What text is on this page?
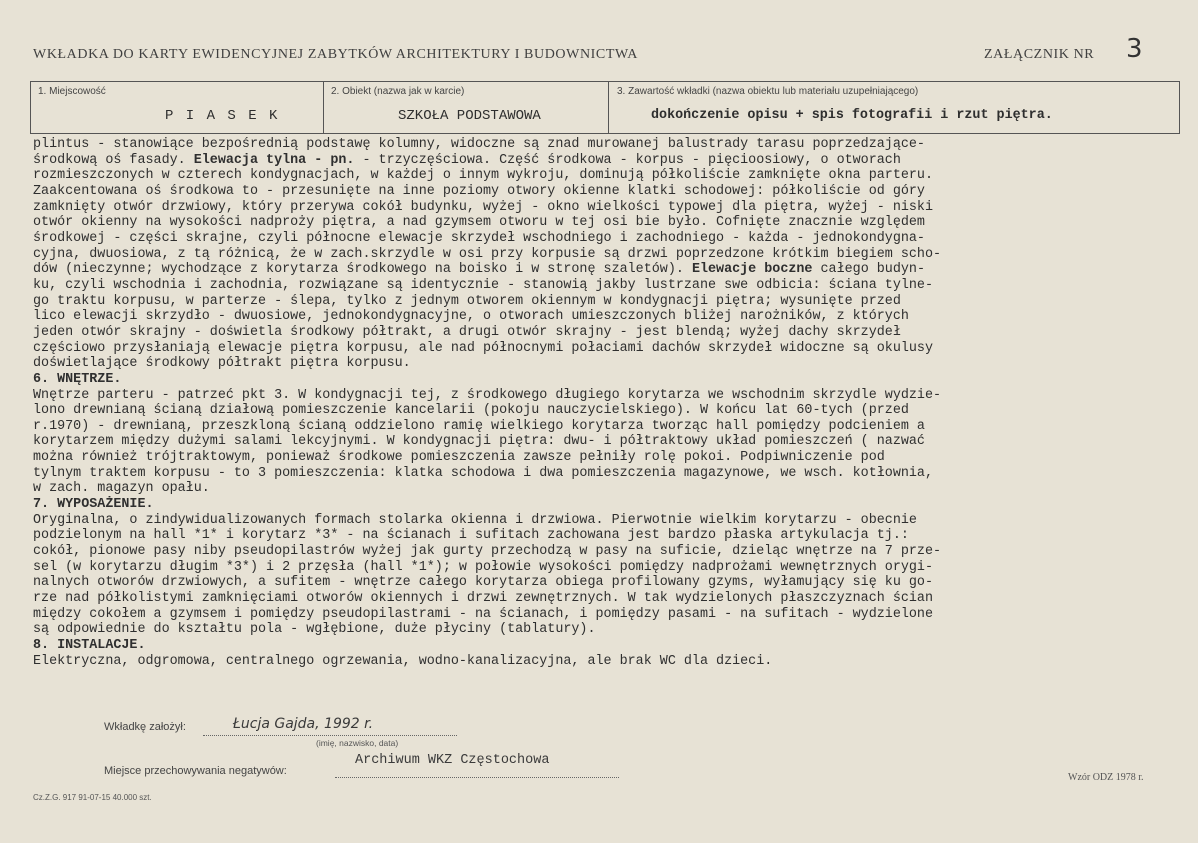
WKŁADKA DO KARTY EWIDENCYJNEJ ZABYTKÓW ARCHITEKTURY I BUDOWNICTWA	ZAŁĄCZNIK NR 3
1. Miejscowość
P I A S E K
2. Obiekt (nazwa jak w karcie)
SZKOŁA PODSTAWOWA
3. Zawartość wkładki (nazwa obiektu lub materiału uzupełniającego)
dokończenie opisu + spis fotografii i rzut piętra.
plintus - stanowiące bezpośrednią podstawę kolumny, widoczne są znad murowanej balustrady tarasu poprzedzające-
środkową oś fasady. Elewacja tylna - pn. - trzyczęściowa. Część środkowa - korpus - pięcioosiowy, o otworach
rozmieszczonych w czterech kondygnacjach, w każdej o innym wykroju, dominują półkoliście zamknięte okna parteru.
Zaakcentowana oś środkowa to - przesunięte na inne poziomy otwory okienne klatki schodowej: półkoliście od góry
zamknięty otwór drzwiowy, który przerywa cokół budynku, wyżej - okno wielkości typowej dla piętra, wyżej - niski
otwór okienny na wysokości nadproży piętra, a nad gzymsem otworu w tej osi bie było. Cofnięte znacznie względem
środkowej - części skrajne, czyli północne elewacje skrzydeł wschodniego i zachodniego - każda - jednokondygna-
cyjna, dwuosiowa, z tą różnicą, że w zach.skrzydle w osi przy korpusie są drzwi poprzedzone krótkim biegiem scho-
dów (nieczynne; wychodzące z korytarza środkowego na boisko i w stronę szaletów). Elewacje boczne całego budyn-
ku, czyli wschodnia i zachodnia, rozwiązane są identycznie - stanowią jakby lustrzane swe odbicia: ściana tylne-
go traktu korpusu, w parterze - ślepa, tylko z jednym otworem okiennym w kondygnacji piętra; wysunięte przed
lico elewacji skrzydło - dwuosiowe, jednokondygnacyjne, o otworach umieszczonych bliżej narożników, z których
jeden otwór skrajny - doświetla środkowy półtrakt, a drugi otwór skrajny - jest blendą; wyżej dachy skrzydeł
częściowo przysłaniają elewacje piętra korpusu, ale nad północnymi połaciami dachów skrzydeł widoczne są okulusy
doświetlające środkowy półtrakt piętra korpusu.
6. WNĘTRZE.
Wnętrze parteru - patrzeć pkt 3. W kondygnacji tej, z środkowego długiego korytarza we wschodnim skrzydle wydzie-
lono drewnianą ścianą działową pomieszczenie kancelarii (pokoju nauczycielskiego). W końcu lat 60-tych (przed
r.1970) - drewnianą, przeszkloną ścianą oddzielono ramię wielkiego korytarza tworząc hall pomiędzy podcieniem a
korytarzem między dużymi salami lekcyjnymi. W kondygnacji piętra: dwu- i półtraktowy układ pomieszczeń ( nazwać
można również trójtraktowym, ponieważ środkowe pomieszczenia zawsze pełniły rolę pokoi. Podpiwniczenie pod
tylnym traktem korpusu - to 3 pomieszczenia: klatka schodowa i dwa pomieszczenia magazynowe, we wsch. kotłownia,
w zach. magazyn opału.
7. WYPOSAŻENIE.
Oryginalna, o zindywidualizowanych formach stolarka okienna i drzwiowa. Pierwotnie wielkim korytarzu - obecnie
podzielonym na hall *1* i korytarz *3* - na ścianach i sufitach zachowana jest bardzo płaska artykulacja tj.:
cokół, pionowe pasy niby pseudopilastrów wyżej jak gurty przechodzą w pasy na suficie, dzieląc wnętrze na 7 prze-
sel (w korytarzu długim *3*) i 2 przęsła (hall *1*); w połowie wysokości pomiędzy nadprożami wewnętrznych orygi-
nalnych otworów drzwiowych, a sufitem - wnętrze całego korytarza obiega profilowany gzyms, wyłamujący się ku go-
rze nad półkolistymi zamknięciami otworów okiennych i drzwi zewnętrznych. W tak wydzielonych płaszczyznach ścian
między cokołem a gzymsem i pomiędzy pseudopilastrami - na ścianach, i pomiędzy pasami - na sufitach - wydzielone
są odpowiednie do kształtu pola - wgłębione, duże płyciny (tablatury).
8. INSTALACJE.
Elektryczna, odgromowa, centralnego ogrzewania, wodno-kanalizacyjna, ale brak WC dla dzieci.
Wkładkę założył:	Łucja Gajda, 1992 r.
(imię, nazwisko, data)
Miejsce przechowywania negatywów:
Archiwum WKZ Częstochowa
Cz.Z.G. 917 91-07-15 40.000 szt.
Wzór ODZ 1978 r.
